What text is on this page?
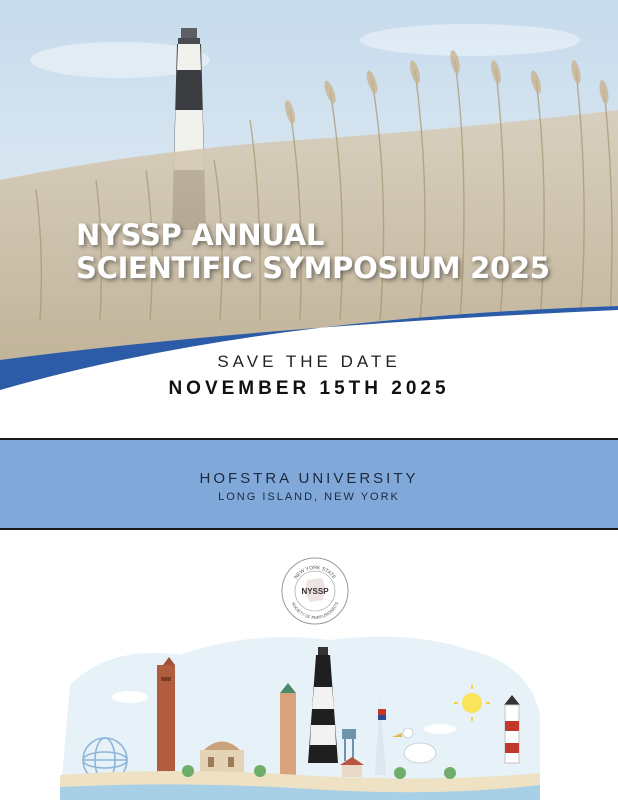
NYSSP ANNUAL
SCIENTIFIC SYMPOSIUM 2025
SAVE THE DATE
NOVEMBER 15TH 2025
HOFSTRA UNIVERSITY
LONG ISLAND, NEW YORK
NEW YORK STATE
NYSSP
SOCIETY OF PERFUSIONISTS
